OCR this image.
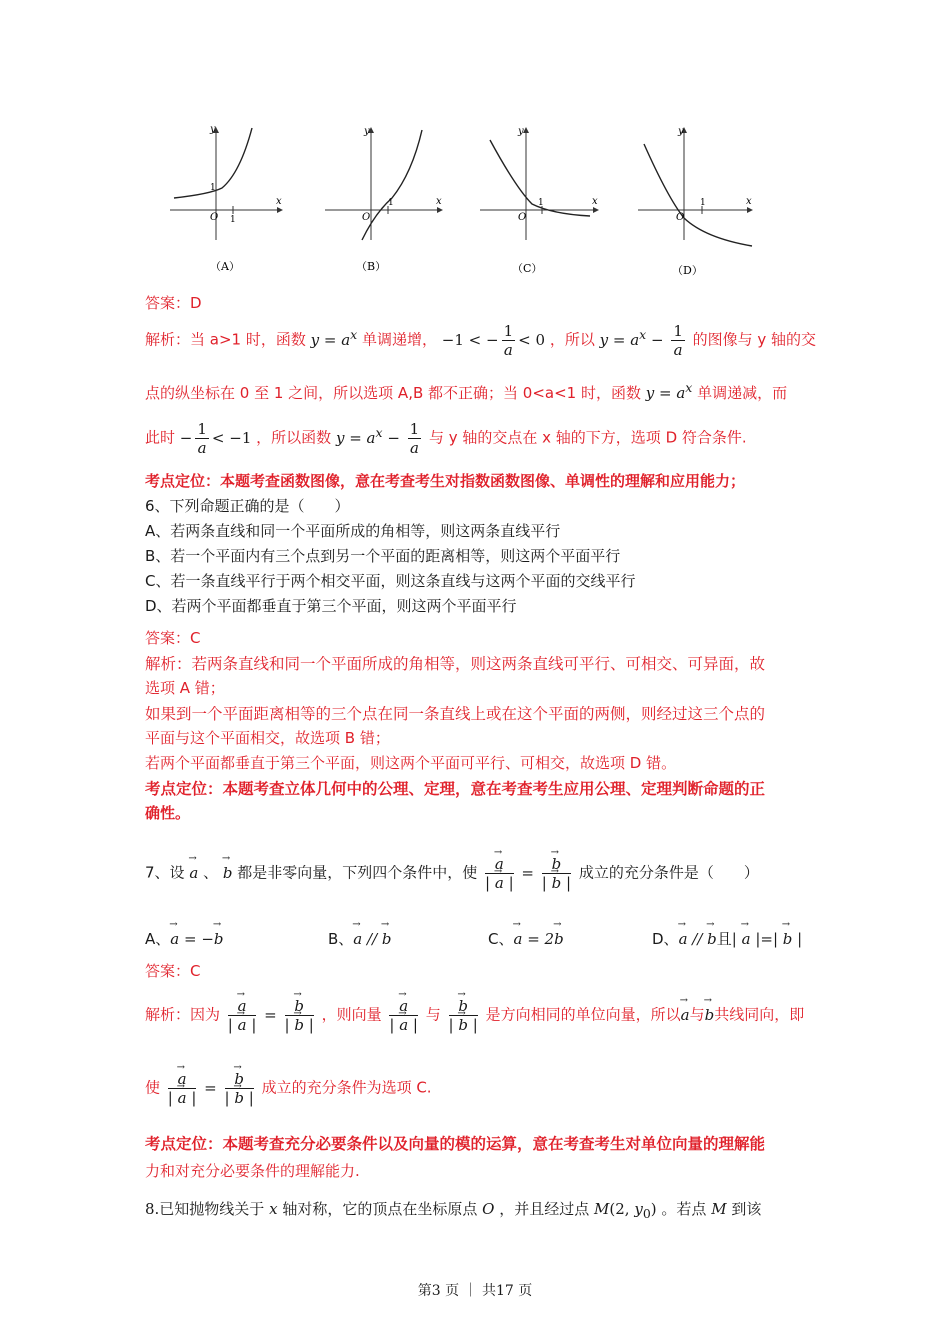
O 1
1
x
y
（A）
O
1	x
y
（B）
O
1	x
y
（C）
O
1	x
y
（D）
答案：D
解析：当 a>1 时，函数 $y = a^x$ 单调递增， −1 < − $\frac{1}{a} < 0$ ，所以 $y = a^x - \frac{1}{a}$ 的图像与 y 轴的交
点的纵坐标在 0 至 1 之间，所以选项 A,B 都不正确；当 0<a<1 时，函数 $y = a^x$ 单调递减，而
此时 − $\frac{1}{a} < -1$ ，所以函数 $y = a^x - \frac{1}{a}$ 与 y 轴的交点在 x 轴的下方，选项 D 符合条件.
考点定位：本题考查函数图像，意在考查考生对指数函数图像、单调性的理解和应用能力；
6、下列命题正确的是（　　）
A、若两条直线和同一个平面所成的角相等，则这两条直线平行
B、若一个平面内有三个点到另一个平面的距离相等，则这两个平面平行
C、若一条直线平行于两个相交平面，则这条直线与这两个平面的交线平行
D、若两个平面都垂直于第三个平面，则这两个平面平行
答案：C
解析：若两条直线和同一个平面所成的角相等，则这两条直线可平行、可相交、可异面，故
选项 A 错；
如果到一个平面距离相等的三个点在同一条直线上或在这个平面的两侧，则经过这三个点的
平面与这个平面相交，故选项 B 错；
若两个平面都垂直于第三个平面，则这两个平面可平行、可相交，故选项 D 错。
考点定位：本题考查立体几何中的公理、定理，意在考查考生应用公理、定理判断命题的正
确性。
7、设 → a 、 → b 都是非零向量，下列四个条件中，使 → $\frac{a}{| \to a |}$ = → $\frac{b}{| \to b |}$ 成立的充分条件是（　　）
A、→ a = −→ b	B、→ a // → b	C、→ a = 2→ b	D、→ a // → b且| → a |=| → b |
答案：C
解析：因为 → $\frac{a}{| \to a |}$ = → $\frac{b}{| \to b |}$ ，则向量 → $\frac{a}{| \to a |}$ 与 → $\frac{b}{| \to b |}$ 是方向相同的单位向量，所以→ a与→ b共线同向，即
使 → $\frac{a}{| \to a |}$ = → $\frac{b}{| \to b |}$ 成立的充分条件为选项 C.
考点定位：本题考查充分必要条件以及向量的模的运算，意在考查考生对单位向量的理解能
力和对充分必要条件的理解能力.
8.已知抛物线关于 x 轴对称，它的顶点在坐标原点 O ，并且经过点 M(2, $y_0$) 。若点 M 到该
第3 页 ｜ 共17 页
